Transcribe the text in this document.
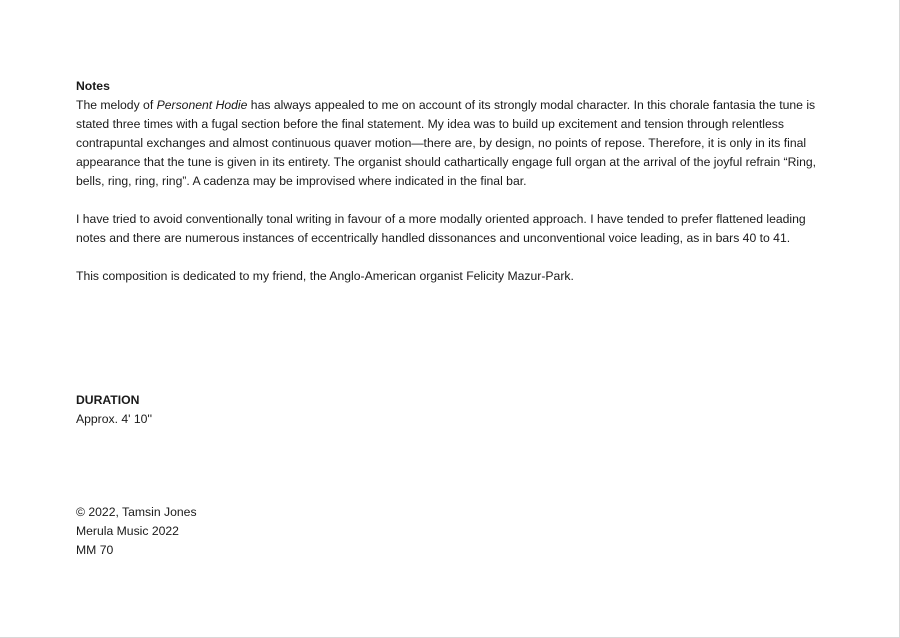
Notes

The melody of Personent Hodie has always appealed to me on account of its strongly modal character. In this chorale fantasia the tune is stated three times with a fugal section before the final statement. My idea was to build up excitement and tension through relentless contrapuntal exchanges and almost continuous quaver motion—there are, by design, no points of repose. Therefore, it is only in its final appearance that the tune is given in its entirety. The organist should cathartically engage full organ at the arrival of the joyful refrain “Ring, bells, ring, ring, ring”. A cadenza may be improvised where indicated in the final bar.

I have tried to avoid conventionally tonal writing in favour of a more modally oriented approach. I have tended to prefer flattened leading notes and there are numerous instances of eccentrically handled dissonances and unconventional voice leading, as in bars 40 to 41.

This composition is dedicated to my friend, the Anglo-American organist Felicity Mazur-Park.

DURATION
Approx. 4' 10''
© 2022, Tamsin Jones
Merula Music 2022
MM 70
